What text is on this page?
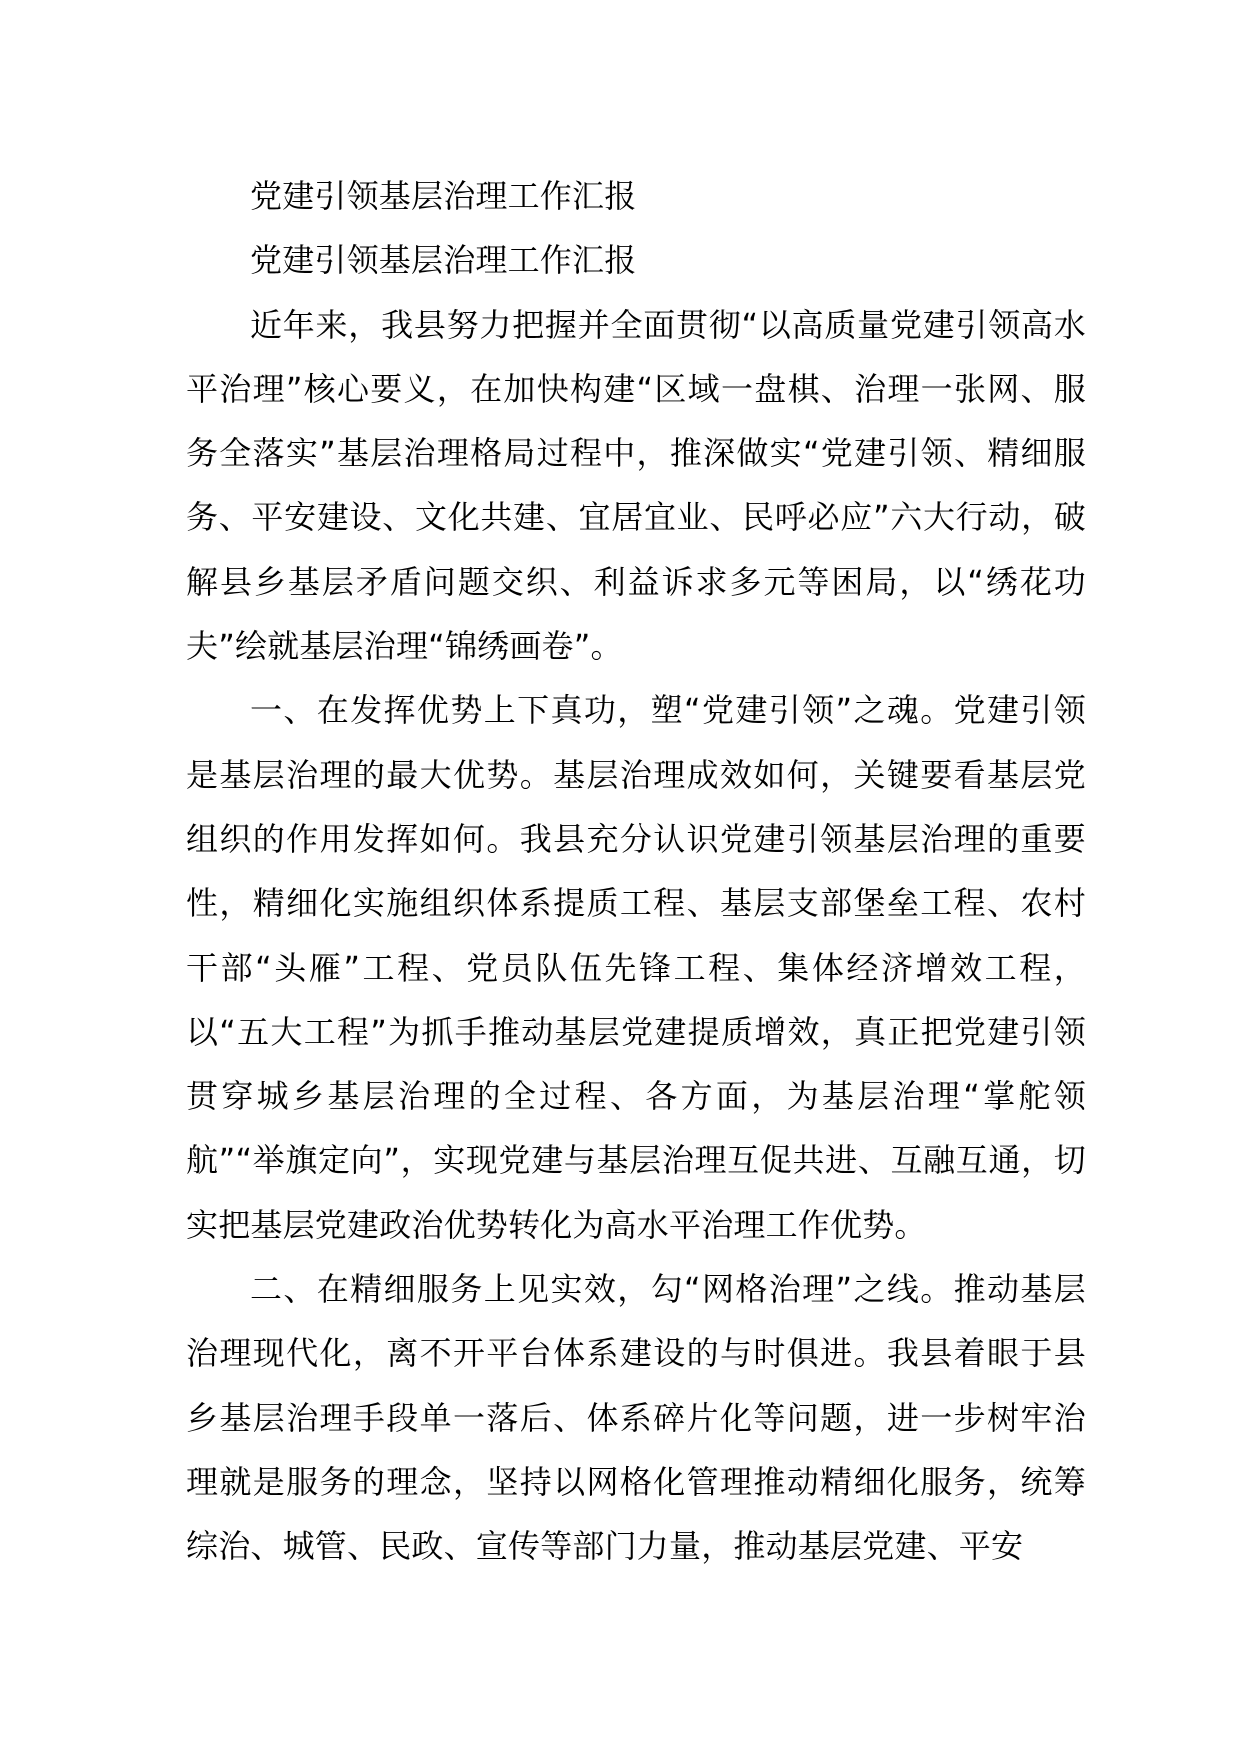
党建引领基层治理工作汇报

党建引领基层治理工作汇报

近年来，我县努力把握并全面贯彻“以高质量党建引领高水平治理”核心要义，在加快构建“区域一盘棋、治理一张网、服务全落实”基层治理格局过程中，推深做实“党建引领、精细服务、平安建设、文化共建、宜居宜业、民呼必应”六大行动，破解县乡基层矛盾问题交织、利益诉求多元等困局，以“绣花功夫”绘就基层治理“锦绣画卷”。

一、在发挥优势上下真功，塑“党建引领”之魂。党建引领是基层治理的最大优势。基层治理成效如何，关键要看基层党组织的作用发挥如何。我县充分认识党建引领基层治理的重要性，精细化实施组织体系提质工程、基层支部堡垒工程、农村干部“头雁”工程、党员队伍先锋工程、集体经济增效工程，以“五大工程”为抓手推动基层党建提质增效，真正把党建引领贯穿城乡基层治理的全过程、各方面，为基层治理“掌舵领航”“举旗定向”，实现党建与基层治理互促共进、互融互通，切实把基层党建政治优势转化为高水平治理工作优势。

二、在精细服务上见实效，勾“网格治理”之线。推动基层治理现代化，离不开平台体系建设的与时俱进。我县着眼于县乡基层治理手段单一落后、体系碎片化等问题，进一步树牢治理就是服务的理念，坚持以网格化管理推动精细化服务，统筹综治、城管、民政、宣传等部门力量，推动基层党建、平安
